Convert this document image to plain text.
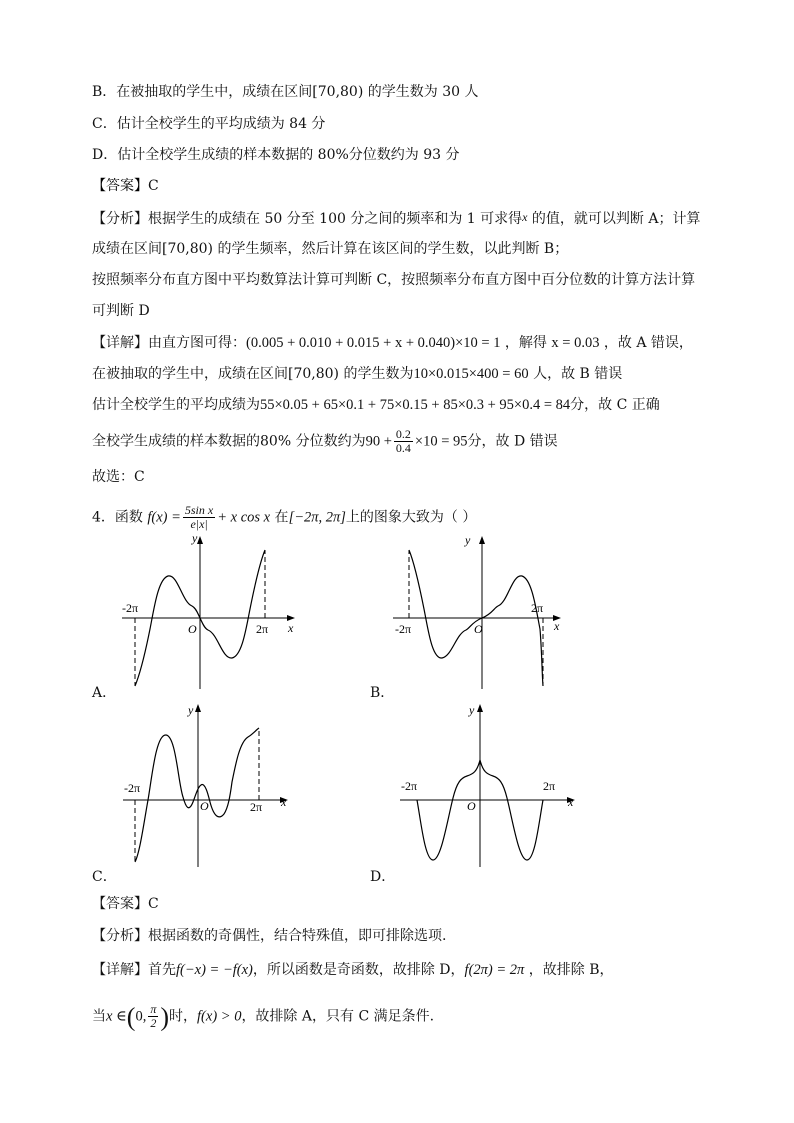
B．在被抽取的学生中，成绩在区间[70,80) 的学生数为 30 人
C．估计全校学生的平均成绩为 84 分
D．估计全校学生成绩的样本数据的 80%分位数约为 93 分
【答案】C
【分析】根据学生的成绩在 50 分至 100 分之间的频率和为 1 可求得x 的值，就可以判断 A；计算
成绩在区间[70,80) 的学生频率，然后计算在该区间的学生数，以此判断 B；
按照频率分布直方图中平均数算法计算可判断 C，按照频率分布直方图中百分位数的计算方法计算
可判断 D
【详解】由直方图可得：(0.005 + 0.010 + 0.015 + x + 0.040)×10 = 1 ，解得 x = 0.03 ，故 A 错误，
在被抽取的学生中，成绩在区间[70,80) 的学生数为10×0.015×400 = 60 人，故 B 错误
估计全校学生的平均成绩为55×0.05 + 65×0.1 + 75×0.15 + 85×0.3 + 95×0.4 = 84分，故 C 正确
全校学生成绩的样本数据的80% 分位数约为$90 + \frac{0.2}{0.4} \times 10 = 95$分，故 D 错误
故选：C
4．函数 $f(x) = \frac{\text{5sin x}}{e|x|} + x$ cos x 在[−2π, 2π]上的图象大致为（ ）
y
x
O
-2π
2π
A．
y
x
O
-2π
2π
B．
y
x
O
-2π
2π
C．
y
x
O
-2π	2π
D．
【答案】C
【分析】根据函数的奇偶性，结合特殊值，即可排除选项.
【详解】首先f(−x) = −f(x)，所以函数是奇函数，故排除 D，f(2π) = 2π ，故排除 B，
当x ∈(0, $\frac{\pi}{2}$ )时，f(x) > 0，故排除 A，只有 C 满足条件.
